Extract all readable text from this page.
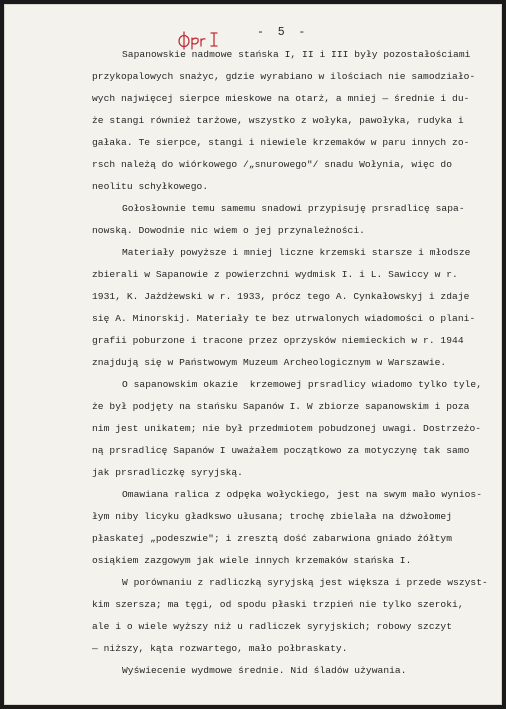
-  5  -
Sapanowskie nadmowe stańska I, II i III były pozostałościami
przykopalowych snażyc, gdzie wyrabiano w ilościach nie samodziało-
wych najwięcej sierpce mieskowe na otarż, a mniej — średnie i du-
że stangi również tarżowe, wszystko z wołyka, pawołyka, rudyka i
gałaka. Te sierpce, stangi i niewiele krzemaków w paru innych zo-
rsch należą do wiórkowego /„snurowego"/ snadu Wołynia, więc do
neolitu schyłkowego.
Gołosłownie temu samemu snadowi przypisuję prsradlicę sapa-
nowską. Dowodnie nic wiem o jej przynależności.
Materiały powyższe i mniej liczne krzemski starsze i młodsze
zbierali w Sapanowie z powierzchni wydmisk I. i L. Sawiccy w r.
1931, K. Jażdżewski w r. 1933, prócz tego A. Cynkałowskyj i zdaje
się A. Minorskij. Materiały te bez utrwalonych wiadomości o plani-
grafii poburzone i tracone przez oprzysków niemieckich w r. 1944
znajdują się w Państwowym Muzeum Archeologicznym w Warszawie.
O sapanowskim okazie  krzemowej prsradlicy wiadomo tylko tyle,
że był podjęty na stańsku Sapanów I. W zbiorze sapanowskim i poza
nim jest unikatem; nie był przedmiotem pobudzonej uwagi. Dostrzeżo-
ną prsradlicę Sapanów I uważałem początkowo za motyczynę tak samo
jak prsradliczkę syryjską.
Omawiana ralica z odpęka wołyckiego, jest na swym mało wynios-
łym niby licyku gładkswo ułusana; trochę zbielała na dźwołomej
płaskatej „podeszwie"; i zresztą dość zabarwiona gniado żółtym
osiąkiem zazgowym jak wiele innych krzemaków stańska I.
W porównaniu z radliczką syryjską jest większa i przede wszyst-
kim szersza; ma tęgi, od spodu płaski trzpień nie tylko szeroki,
ale i o wiele wyższy niż u radliczek syryjskich; robowy szczyt
— niższy, kąta rozwartego, mało połbraskaty.
Wyświecenie wydmowe średnie. Nid śladów używania.
